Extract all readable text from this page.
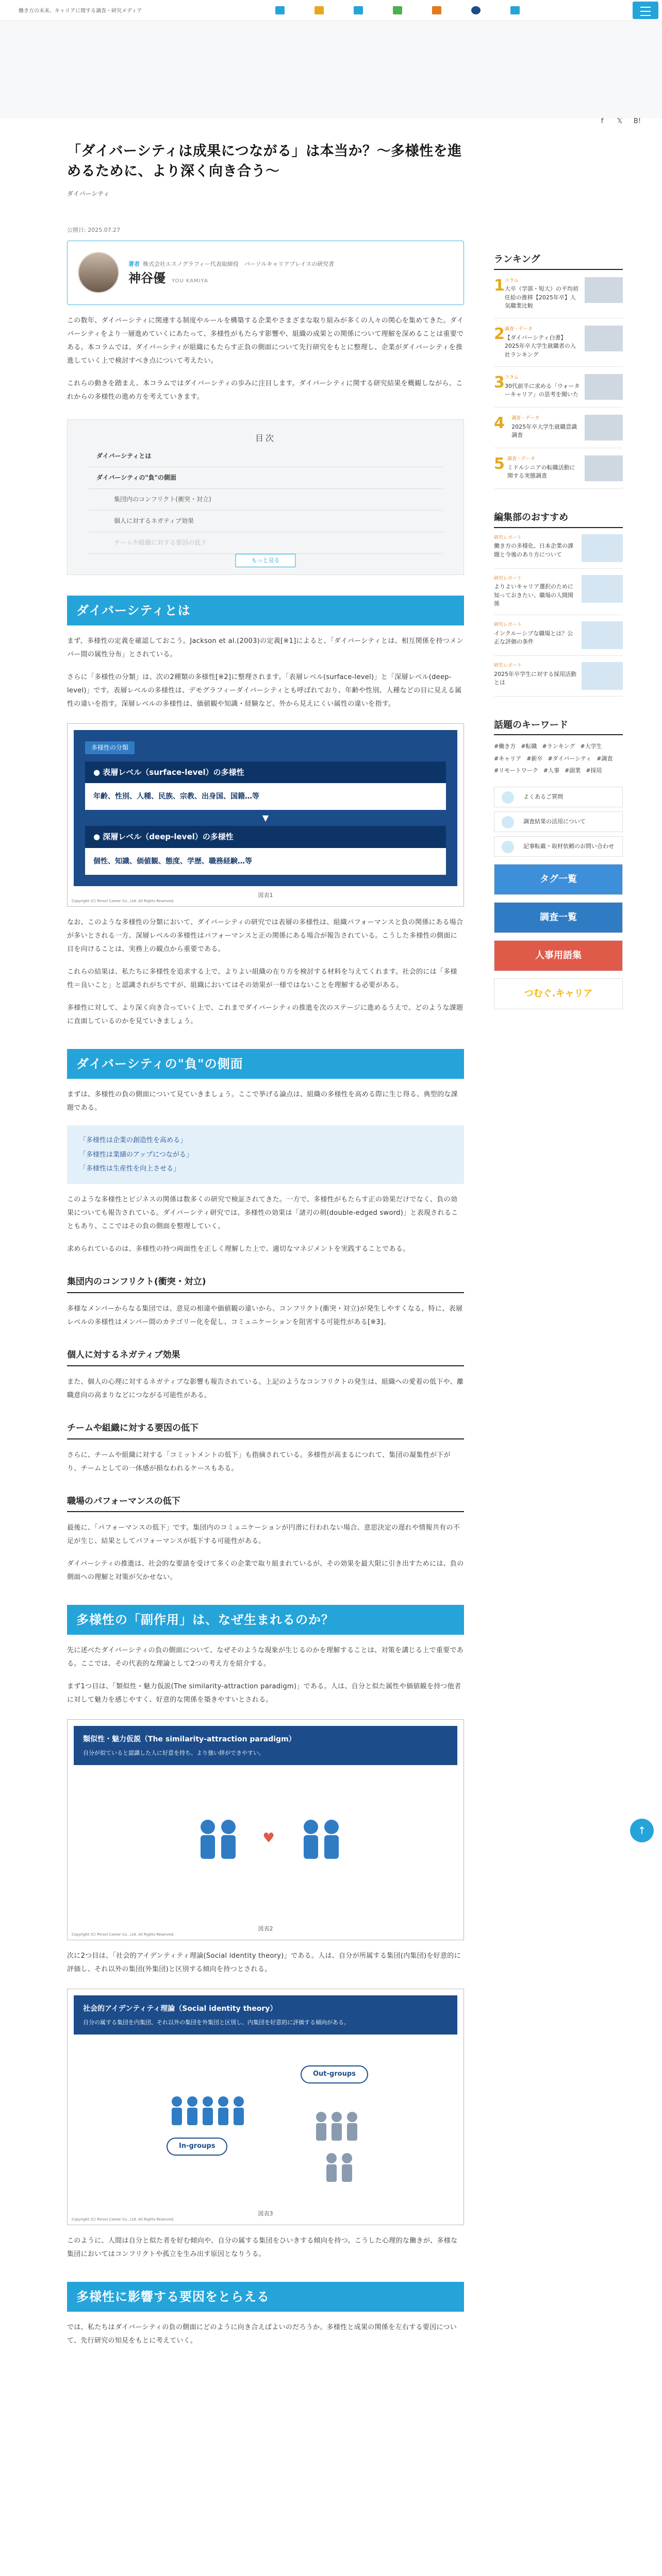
働き方の未来、キャリアに関する調査・研究メディア
f	𝕏	B!
「ダイバーシティは成果につながる」は本当か？～多様性を進めるために、より深く向き合う～
ダイバーシティ
公開日: 2025.07.27
著者 株式会社エスノグラフィー代表取締役　パーソルキャリアプレイスの研究者
神谷優 YOU KAMIYA

この数年、ダイバーシティに関連する制度やルールを構築する企業やさまざまな取り組みが多くの人々の関心を集めてきた。ダイバーシティをより一層進めていくにあたって、多様性がもたらす影響や、組織の成果との関係について理解を深めることは重要である。本コラムでは、ダイバーシティが組織にもたらす正負の側面について先行研究をもとに整理し、企業がダイバーシティを推進していく上で検討すべき点について考えたい。

これらの動きを踏まえ、本コラムではダイバーシティの歩みに注目します。ダイバーシティに関する研究結果を概観しながら、これからの多様性の進め方を考えていきます。

目次
ダイバーシティとは
ダイバーシティの"負"の側面
集団内のコンフリクト(衝突・対立)
個人に対するネガティブ効果
チームや組織に対する要因の低下
もっと見る
ダイバーシティとは

まず、多様性の定義を確認しておこう。Jackson et al.(2003)の定義[※1]によると、「ダイバーシティとは、相互関係を持つメンバー間の属性分布」とされている。

さらに「多様性の分類」は、次の2種類の多様性[※2]に整理されます。「表層レベル(surface-level)」と「深層レベル(deep-level)」です。表層レベルの多様性は、デモグラフィーダイバーシティとも呼ばれており、年齢や性別、人種などの目に見える属性の違いを指す。深層レベルの多様性は、価値観や知識・経験など、外から見えにくい属性の違いを指す。

多様性の分類
● 表層レベル（surface-level）の多様性
年齢、性別、人種、民族、宗教、出身国、国籍…等
▼
● 深層レベル（deep-level）の多様性
個性、知識、価値観、態度、学歴、職務経験…等
図表1
Copyright (C) Persol Career Co., Ltd. All Rights Reserved.

なお、このような多様性の分類において、ダイバーシティの研究では表層の多様性は、組織パフォーマンスと負の関係にある場合が多いとされる一方、深層レベルの多様性はパフォーマンスと正の関係にある場合が報告されている。こうした多様性の側面に目を向けることは、実務上の観点から重要である。

これらの結果は、私たちに多様性を追求する上で、よりよい組織の在り方を検討する材料を与えてくれます。社会的には「多様性＝良いこと」と認識されがちですが、組織においてはその効果が一様ではないことを理解する必要がある。

多様性に対して、より深く向き合っていく上で、これまでダイバーシティの推進を次のステージに進めるうえで、どのような課題に直面しているのかを見ていきましょう。

ダイバーシティの"負"の側面

まずは、多様性の負の側面について見ていきましょう。ここで挙げる論点は、組織の多様性を高める際に生じ得る、典型的な課題である。

「多様性は企業の創造性を高める」
「多様性は業績のアップにつながる」
「多様性は生産性を向上させる」

このような多様性とビジネスの関係は数多くの研究で検証されてきた。一方で、多様性がもたらす正の効果だけでなく、負の効果についても報告されている。ダイバーシティ研究では、多様性の効果は「諸刃の剣(double-edged sword)」と表現されることもあり、ここではその負の側面を整理していく。

求められているのは、多様性の持つ両面性を正しく理解した上で、適切なマネジメントを実践することである。

集団内のコンフリクト(衝突・対立)

多様なメンバーからなる集団では、意見の相違や価値観の違いから、コンフリクト(衝突・対立)が発生しやすくなる。特に、表層レベルの多様性はメンバー間のカテゴリー化を促し、コミュニケーションを阻害する可能性がある[※3]。

個人に対するネガティブ効果

また、個人の心理に対するネガティブな影響も報告されている。上記のようなコンフリクトの発生は、組織への愛着の低下や、離職意向の高まりなどにつながる可能性がある。

チームや組織に対する要因の低下

さらに、チームや組織に対する「コミットメントの低下」も指摘されている。多様性が高まるにつれて、集団の凝集性が下がり、チームとしての一体感が損なわれるケースもある。

職場のパフォーマンスの低下

最後に、「パフォーマンスの低下」です。集団内のコミュニケーションが円滑に行われない場合、意思決定の遅れや情報共有の不足が生じ、結果としてパフォーマンスが低下する可能性がある。

ダイバーシティの推進は、社会的な要請を受けて多くの企業で取り組まれているが、その効果を最大限に引き出すためには、負の側面への理解と対策が欠かせない。

多様性の「副作用」は、なぜ生まれるのか？

先に述べたダイバーシティの負の側面について、なぜそのような現象が生じるのかを理解することは、対策を講じる上で重要である。ここでは、その代表的な理論として2つの考え方を紹介する。

まず1つ目は、「類似性・魅力仮説(The similarity-attraction paradigm)」である。人は、自分と似た属性や価値観を持つ他者に対して魅力を感じやすく、好意的な関係を築きやすいとされる。

類似性・魅力仮説（The similarity-attraction paradigm）
自分が似ていると認識した人に好意を持ち、より強い絆ができやすい。
♥
図表2
Copyright (C) Persol Career Co., Ltd. All Rights Reserved.

次に2つ目は、「社会的アイデンティティ理論(Social identity theory)」である。人は、自分が所属する集団(内集団)を好意的に評価し、それ以外の集団(外集団)と区別する傾向を持つとされる。

社会的アイデンティティ理論（Social identity theory）
自分の属する集団を内集団、それ以外の集団を外集団と区別し、内集団を好意的に評価する傾向がある。
In-groups
Out-groups
図表3
Copyright (C) Persol Career Co., Ltd. All Rights Reserved.

このように、人間は自分と似た者を好む傾向や、自分の属する集団をひいきする傾向を持つ。こうした心理的な働きが、多様な集団においてはコンフリクトや孤立を生み出す原因となりうる。

多様性に影響する要因をとらえる

では、私たちはダイバーシティの負の側面にどのように向き合えばよいのだろうか。多様性と成果の関係を左右する要因について、先行研究の知見をもとに考えていく。

ランキング
1 コラム
大卒（学部・短大）の平均初任給の推移【2025年卒】人気職業比較
2 調査・データ
【ダイバーシティ白書】2025年卒大学生就職者の入社ランキング
3 コラム
30代前半に求める「ウォーターキャリア」の思考を聞いた
4	調査・データ
2025年卒大学生就職意識調査
5 調査・データ
ミドルシニアの転職活動に関する実態調査
編集部のおすすめ
研究レポート
働き方の多様化、日本企業の課題と今後のあり方について
研究レポート
よりよいキャリア選択のために知っておきたい、職場の人間関係
研究レポート
インクルーシブな職場とは？公正な評価の条件
研究レポート
2025年卒学生に対する採用活動とは
話題のキーワード
#働き方 #転職 #ランキング #大学生
#キャリア #新卒 #ダイバーシティ #調査
#リモートワーク #人事 #副業 #採用
よくあるご質問
調査結果の活用について
記事転載・取材依頼のお問い合わせ
タグ一覧
調査一覧
人事用語集
つむぐ.キャリア
↑
